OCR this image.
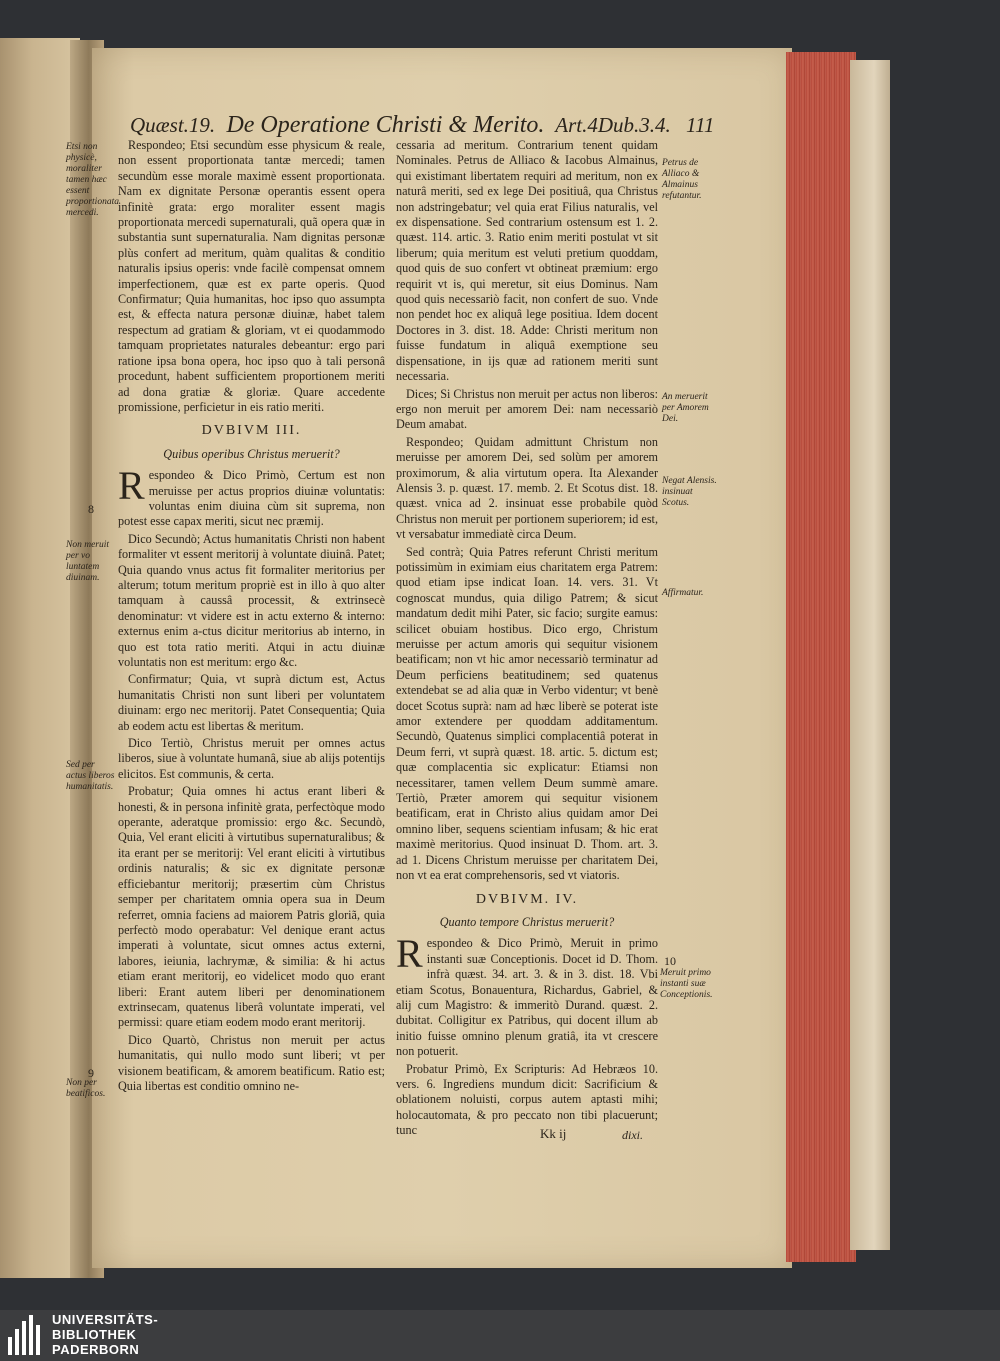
Quæst.19. De Operatione Christi & Merito. Art.4Dub.3.4. 111
Etsi non physicè, moraliter tamen hæc essent proportionata mercedi.
8
Non meruit per vo luntatem diuinam.
Sed per actus liberos humanitatis.
9
Non per beatificos.
Petrus de Alliaco & Almainus refutantur.
An meruerit per Amorem Dei.
Negat Alensis. insinuat Scotus.
Affirmatur.
10
Meruit primo instanti suæ Conceptionis.

Respondeo; Etsi secundùm esse physicum & reale, non essent proportionata tantæ mercedi; tamen secundùm esse morale maximè essent proportionata. Nam ex dignitate Personæ operantis essent opera infinitè grata: ergo moraliter essent magis proportionata mercedi supernaturali, quã opera quæ in substantia sunt supernaturalia. Nam dignitas personæ plùs confert ad meritum, quàm qualitas & conditio naturalis ipsius operis: vnde facilè compensat omnem imperfectionem, quæ est ex parte operis. Quod Confirmatur; Quia humanitas, hoc ipso quo assumpta est, & effecta natura personæ diuinæ, habet talem respectum ad gratiam & gloriam, vt ei quodammodo tamquam proprietates naturales debeantur: ergo pari ratione ipsa bona opera, hoc ipso quo à tali personâ procedunt, habent sufficientem proportionem meriti ad dona gratiæ & gloriæ. Quare accedente promissione, perficietur in eis ratio meriti.

DVBIVM III.

Quibus operibus Christus meruerit?

Respondeo & Dico Primò, Certum est non meruisse per actus proprios diuinæ voluntatis: voluntas enim diuina cùm sit suprema, non potest esse capax meriti, sicut nec præmij.

Dico Secundò; Actus humanitatis Christi non habent formaliter vt essent meritorij à voluntate diuinâ. Patet; Quia quando vnus actus fit formaliter meritorius per alterum; totum meritum propriè est in illo à quo alter tamquam à caussâ processit, & extrinsecè denominatur: vt videre est in actu externo & interno: externus enim a-ctus dicitur meritorius ab interno, in quo est tota ratio meriti. Atqui in actu diuinæ voluntatis non est meritum: ergo &c.

Confirmatur; Quia, vt suprà dictum est, Actus humanitatis Christi non sunt liberi per voluntatem diuinam: ergo nec meritorij. Patet Consequentia; Quia ab eodem actu est libertas & meritum.

Dico Tertiò, Christus meruit per omnes actus liberos, siue à voluntate humanâ, siue ab alijs potentijs elicitos. Est communis, & certa.

Probatur; Quia omnes hi actus erant liberi & honesti, & in persona infinitè grata, perfectòque modo operante, aderatque promissio: ergo &c. Secundò, Quia, Vel erant eliciti à virtutibus supernaturalibus; & ita erant per se meritorij: Vel erant eliciti à virtutibus ordinis naturalis; & sic ex dignitate personæ efficiebantur meritorij; præsertim cùm Christus semper per charitatem omnia opera sua in Deum referret, omnia faciens ad maiorem Patris gloriã, quia perfectò modo operabatur: Vel denique erant actus imperati à voluntate, sicut omnes actus externi, labores, ieiunia, lachrymæ, & similia: & hi actus etiam erant meritorij, eo videlicet modo quo erant liberi: Erant autem liberi per denominationem extrinsecam, quatenus liberâ voluntate imperati, vel permissi: quare etiam eodem modo erant meritorij.

Dico Quartò, Christus non meruit per actus humanitatis, qui nullo modo sunt liberi; vt per visionem beatificam, & amorem beatificum. Ratio est; Quia libertas est conditio omnino ne-

cessaria ad meritum. Contrarium tenent quidam Nominales. Petrus de Alliaco & Iacobus Almainus, qui existimant libertatem requiri ad meritum, non ex naturâ meriti, sed ex lege Dei positiuâ, qua Christus non adstringebatur; vel quia erat Filius naturalis, vel ex dispensatione. Sed contrarium ostensum est 1. 2. quæst. 114. artic. 3. Ratio enim meriti postulat vt sit liberum; quia meritum est veluti pretium quoddam, quod quis de suo confert vt obtineat præmium: ergo requirit vt is, qui meretur, sit eius Dominus. Nam quod quis necessariò facit, non confert de suo. Vnde non pendet hoc ex aliquâ lege positiua. Idem docent Doctores in 3. dist. 18. Adde: Christi meritum non fuisse fundatum in aliquâ exemptione seu dispensatione, in ijs quæ ad rationem meriti sunt necessaria.

Dices; Si Christus non meruit per actus non liberos: ergo non meruit per amorem Dei: nam necessariò Deum amabat.

Respondeo; Quidam admittunt Christum non meruisse per amorem Dei, sed solùm per amorem proximorum, & alia virtutum opera. Ita Alexander Alensis 3. p. quæst. 17. memb. 2. Et Scotus dist. 18. quæst. vnica ad 2. insinuat esse probabile quòd Christus non meruit per portionem superiorem; id est, vt versabatur immediatè circa Deum.

Sed contrà; Quia Patres referunt Christi meritum potissimùm in eximiam eius charitatem erga Patrem: quod etiam ipse indicat Ioan. 14. vers. 31. Vt cognoscat mundus, quia diligo Patrem; & sicut mandatum dedit mihi Pater, sic facio; surgite eamus: scilicet obuiam hostibus. Dico ergo, Christum meruisse per actum amoris qui sequitur visionem beatificam; non vt hic amor necessariò terminatur ad Deum perficiens beatitudinem; sed quatenus extendebat se ad alia quæ in Verbo videntur; vt benè docet Scotus suprà: nam ad hæc liberè se poterat iste amor extendere per quoddam additamentum. Secundò, Quatenus simplici complacentiâ poterat in Deum ferri, vt suprà quæst. 18. artic. 5. dictum est; quæ complacentia sic explicatur: Etiamsi non necessitarer, tamen vellem Deum summè amare. Tertiò, Præter amorem qui sequitur visionem beatificam, erat in Christo alius quidam amor Dei omnino liber, sequens scientiam infusam; & hic erat maximè meritorius. Quod insinuat D. Thom. art. 3. ad 1. Dicens Christum meruisse per charitatem Dei, non vt ea erat comprehensoris, sed vt viatoris.

DVBIVM. IV.

Quanto tempore Christus meruerit?

Respondeo & Dico Primò, Meruit in primo instanti suæ Conceptionis. Docet id D. Thom. infrà quæst. 34. art. 3. & in 3. dist. 18. Vbi etiam Scotus, Bonauentura, Richardus, Gabriel, & alij cum Magistro: & immeritò Durand. quæst. 2. dubitat. Colligitur ex Patribus, qui docent illum ab initio fuisse omnino plenum gratiâ, ita vt crescere non potuerit.

Probatur Primò, Ex Scripturis: Ad Hebræos 10. vers. 6. Ingrediens mundum dicit: Sacrificium & oblationem noluisti, corpus autem aptasti mihi; holocautomata, & pro peccato non tibi placuerunt; tunc	Kk ij	dixi.
UNIVERSITÄTS-
BIBLIOTHEK
PADERBORN
